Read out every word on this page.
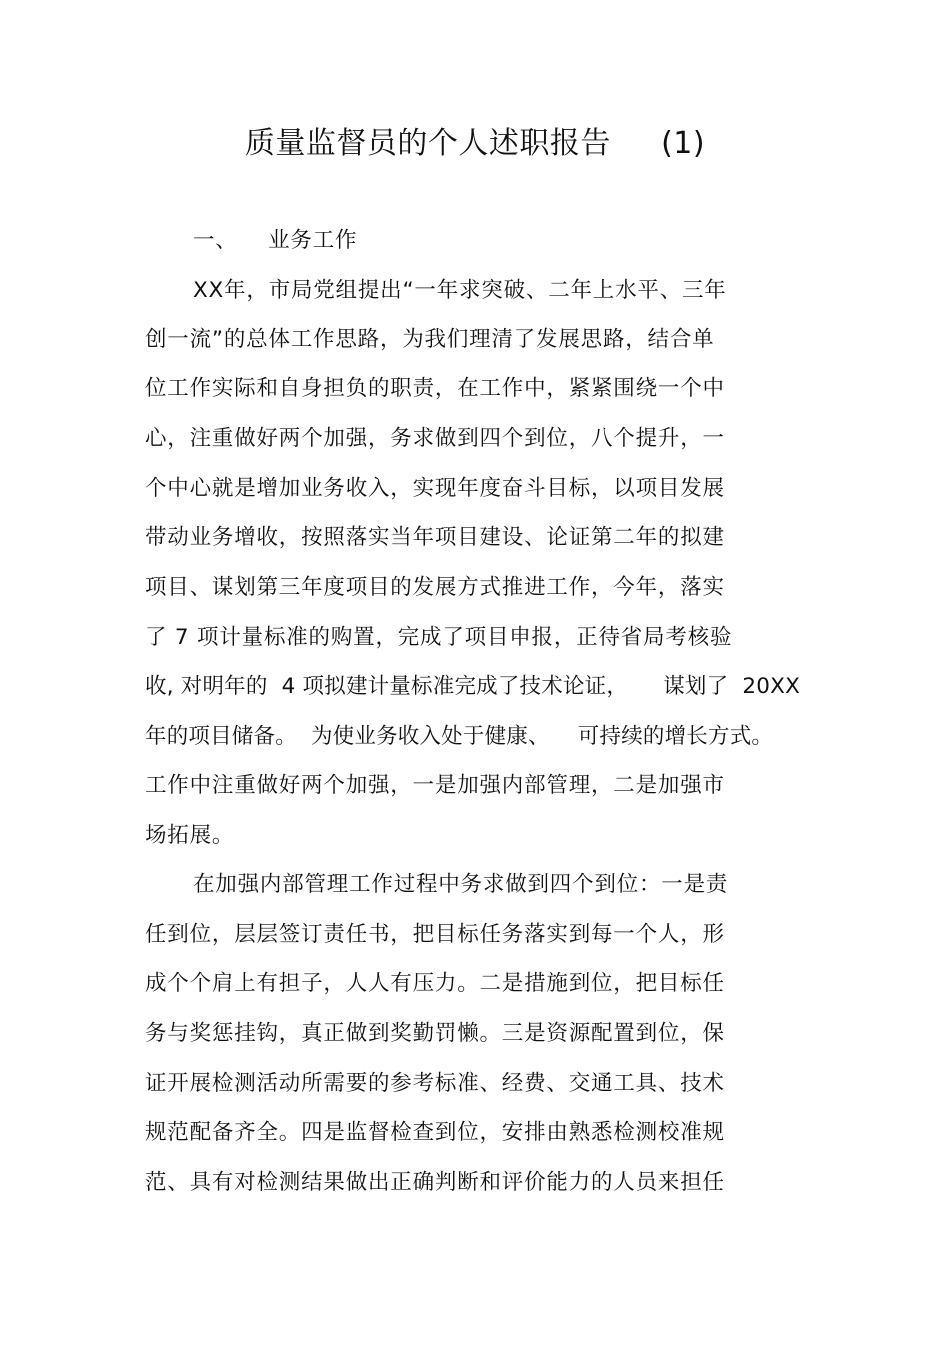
质量监督员的个人述职报告     (1)
一、    业务工作
XX年，市局党组提出“一年求突破、二年上水平、三年
创一流”的总体工作思路，为我们理清了发展思路，结合单
位工作实际和自身担负的职责，在工作中，紧紧围绕一个中
心，注重做好两个加强，务求做到四个到位，八个提升，一
个中心就是增加业务收入，实现年度奋斗目标，以项目发展
带动业务增收，按照落实当年项目建设、论证第二年的拟建
项目、谋划第三年度项目的发展方式推进工作，今年，落实
了 7 项计量标准的购置，完成了项目申报，正待省局考核验
收, 对明年的  4 项拟建计量标准完成了技术论证，     谋划了  20XX
年的项目储备。  为使业务收入处于健康、    可持续的增长方式。
工作中注重做好两个加强，一是加强内部管理，二是加强市
场拓展。
在加强内部管理工作过程中务求做到四个到位：一是责
任到位，层层签订责任书，把目标任务落实到每一个人，形
成个个肩上有担子，人人有压力。二是措施到位，把目标任
务与奖惩挂钩，真正做到奖勤罚懒。三是资源配置到位，保
证开展检测活动所需要的参考标准、经费、交通工具、技术
规范配备齐全。四是监督检查到位，安排由熟悉检测校准规
范、具有对检测结果做出正确判断和评价能力的人员来担任
